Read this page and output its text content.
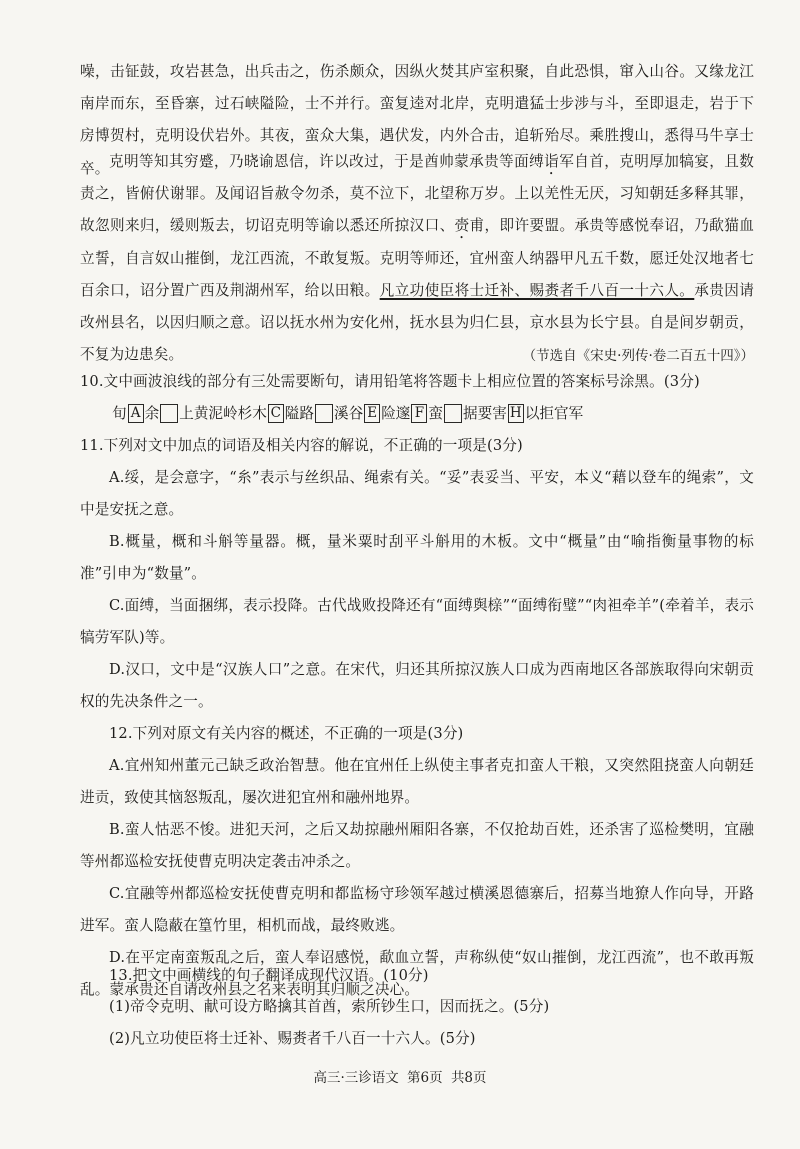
噪，击钲鼓，攻岩甚急，出兵击之，伤杀颇众，因纵火焚其庐室积聚，自此恐惧，窜入山谷。又缘龙江南岸而东，至昏寨，过石峡隘险，士不并行。蛮复逵对北岸，克明遣猛士步涉与斗，至即退走，岩于下房博贺村，克明设伏岩外。其夜，蛮众大集，遇伏发，内外合击，追斩殆尽。乘胜搜山，悉得马牛享士卒。 克明等知其穷蹙，乃晓谕恩信，许以改过，于是酋帅蒙承贵等面缚诣军自首，克明厚加犒宴，且数责之，皆俯伏谢罪。及闻诏旨赦令勿杀，莫不泣下，北望称万岁。上以羌性无厌，习知朝廷多释其罪，故忽则来归，缓则叛去，切诏克明等谕以悉还所掠汉口、赍甫，即许要盟。承贵等感悦奉诏，乃歃猫血立誓，自言奴山摧倒，龙江西流，不敢复叛。克明等师还，宜州蛮人纳器甲凡五千数，愿迁处汉地者七百余口，诏分置广西及荆湖州军，给以田粮。凡立功使臣将士迁补、赐赉者千八百一十六人。承贵因请改州县名，以因归顺之意。诏以抚水州为安化州，抚水县为归仁县，京水县为长宁县。自是间岁朝贡，不复为边患矣。	（节选自《宋史·列传·卷二百五十四》）

10.文中画波浪线的部分有三处需要断句，请用铅笔将答题卡上相应位置的答案标号涂黑。(3分)

旬 A 余 上黄泥岭杉木 C 隘路 溪谷 E 险邃 F 蛮 据要害 H 以拒官军

11.下列对文中加点的词语及相关内容的解说，不正确的一项是(3分)

A.绥，是会意字，“糸”表示与丝织品、绳索有关。“妥”表妥当、平安，本义“藉以登车的绳索”，文中是安抚之意。

B.概量，概和斗斛等量器。概，量米粟时刮平斗斛用的木板。文中“概量”由“喻指衡量事物的标准”引申为“数量”。

C.面缚，当面捆绑，表示投降。古代战败投降还有“面缚舆榇”“面缚衔璧”“肉袒牵羊”(牵着羊，表示犒劳军队)等。

D.汉口，文中是“汉族人口”之意。在宋代，归还其所掠汉族人口成为西南地区各部族取得向宋朝贡权的先决条件之一。

12.下列对原文有关内容的概述，不正确的一项是(3分)

A.宜州知州董元己缺乏政治智慧。他在宜州任上纵使主事者克扣蛮人干粮，又突然阻挠蛮人向朝廷进贡，致使其恼怒叛乱，屡次进犯宜州和融州地界。

B.蛮人怙恶不悛。进犯天河，之后又劫掠融州厢阳各寨，不仅抢劫百姓，还杀害了巡检樊明，宜融等州都巡检安抚使曹克明决定袭击冲杀之。

C.宜融等州都巡检安抚使曹克明和都监杨守珍领军越过横溪恩德寨后，招募当地獠人作向导，开路进军。蛮人隐蔽在篁竹里，相机而战，最终败逃。

D.在平定南蛮叛乱之后，蛮人奉诏感悦，歃血立誓，声称纵使“奴山摧倒，龙江西流”，也不敢再叛乱。蒙承贵还自请改州县之名来表明其归顺之决心。

13.把文中画横线的句子翻译成现代汉语。(10分)

高三·三诊语文 第6页 共8页

(1)帝令克明、献可设方略擒其首酋，索所钞生口，因而抚之。(5分)

(2)凡立功使臣将士迁补、赐赉者千八百一十六人。(5分)
